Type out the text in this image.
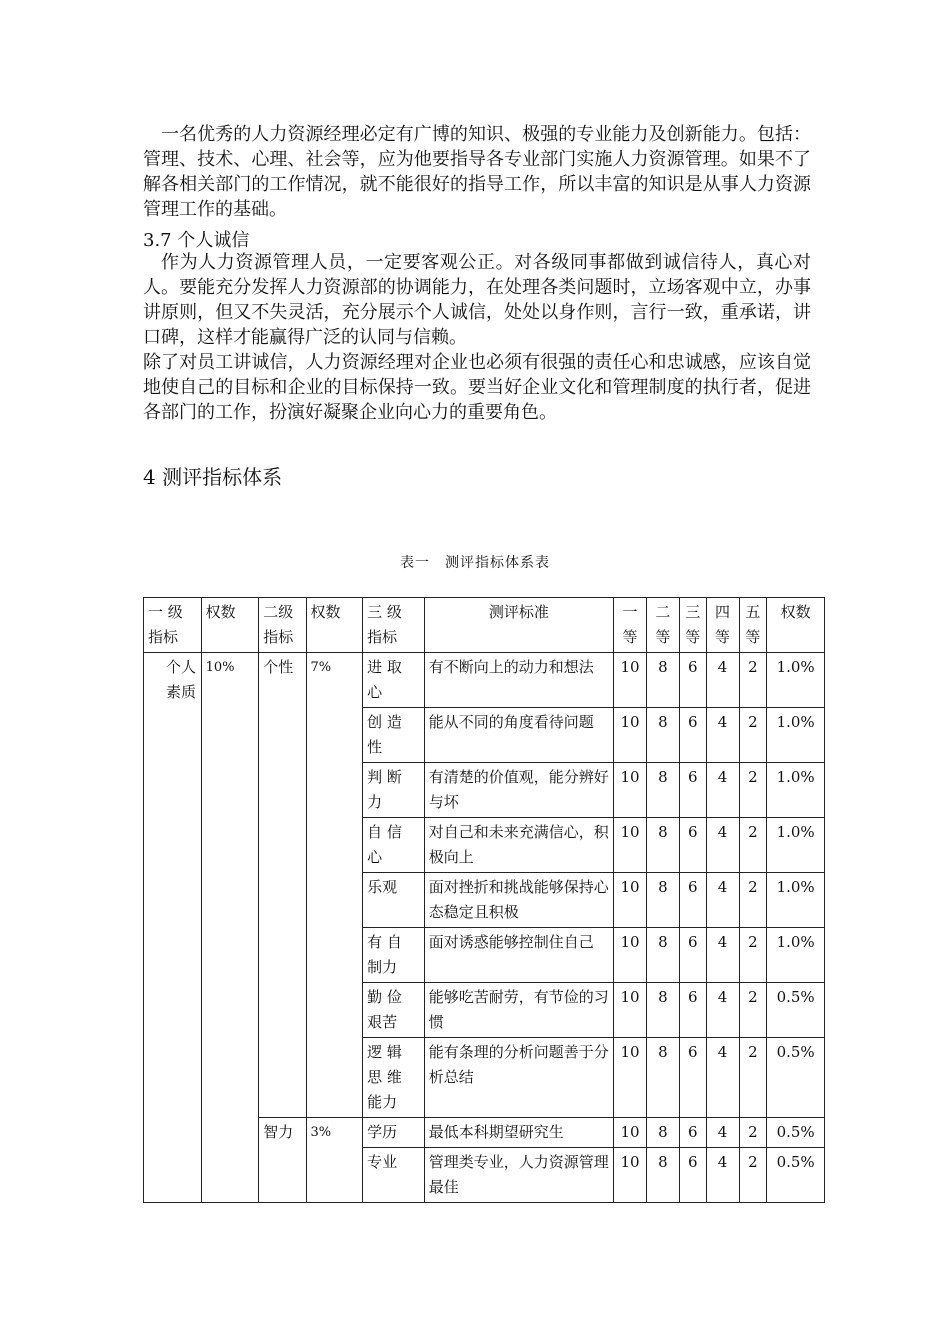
一名优秀的人力资源经理必定有广博的知识、极强的专业能力及创新能力。包括：管理、技术、心理、社会等，应为他要指导各专业部门实施人力资源管理。如果不了解各相关部门的工作情况，就不能很好的指导工作，所以丰富的知识是从事人力资源管理工作的基础。

3.7 个人诚信

作为人力资源管理人员，一定要客观公正。对各级同事都做到诚信待人，真心对人。要能充分发挥人力资源部的协调能力，在处理各类问题时，立场客观中立，办事讲原则，但又不失灵活，充分展示个人诚信，处处以身作则，言行一致，重承诺，讲口碑，这样才能赢得广泛的认同与信赖。

除了对员工讲诚信，人力资源经理对企业也必须有很强的责任心和忠诚感，应该自觉地使自己的目标和企业的目标保持一致。要当好企业文化和管理制度的执行者，促进各部门的工作，扮演好凝聚企业向心力的重要角色。

4 测评指标体系
表一　测评指标体系表
一 级 指标	权数	二级指标	权数	三 级 指标	测评标准	一等	二等	三等	四等	五等	权数
个人素质	10%	个性	7%	进 取 心	有不断向上的动力和想法	10	8	6	4	2	1.0%
				创 造 性	能从不同的角度看待问题	10	8	6	4	2	1.0%
				判 断 力	有清楚的价值观，能分辨好与坏	10	8	6	4	2	1.0%
				自 信 心	对自己和未来充满信心，积极向上	10	8	6	4	2	1.0%
				乐观	面对挫折和挑战能够保持心态稳定且积极	10	8	6	4	2	1.0%
				有 自 制力	面对诱惑能够控制住自己	10	8	6	4	2	1.0%
				勤 俭 艰苦	能够吃苦耐劳，有节俭的习惯	10	8	6	4	2	0.5%
				逻 辑 思 维 能力	能有条理的分析问题善于分析总结	10	8	6	4	2	0.5%
		智力	3%	学历	最低本科期望研究生	10	8	6	4	2	0.5%
				专业	管理类专业，人力资源管理最佳	10	8	6	4	2	0.5%
